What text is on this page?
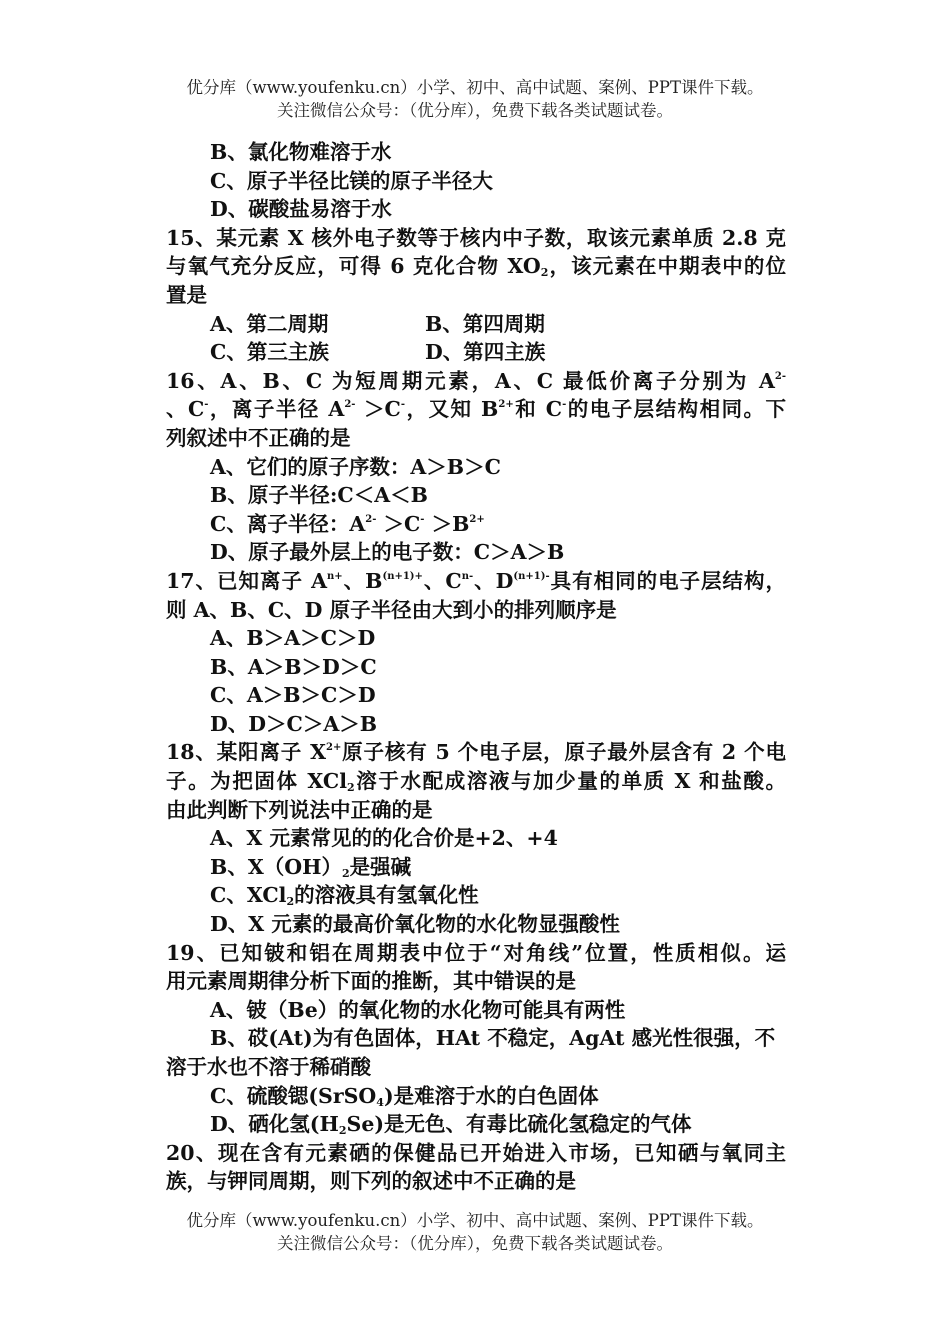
优分库（www.youfenku.cn）小学、初中、高中试题、案例、PPT课件下载。
关注微信公众号：（优分库），免费下载各类试题试卷。
B、氯化物难溶于水
C、原子半径比镁的原子半径大
D、碳酸盐易溶于水
15、某元素 X 核外电子数等于核内中子数，取该元素单质 2.8 克
与氧气充分反应，可得 6 克化合物 $XO_2$，该元素在中期表中的位
置是
A、第二周期	B、第四周期
C、第三主族	D、第四主族
16、A、B、C 为短周期元素，A、C 最低价离子分别为 $A^{2-}$
、C-，离子半径 $A^{2-} >C^-$，又知 $B^{2+}$和 C-的电子层结构相同。下
列叙述中不正确的是
A、它们的原子序数：A＞B＞C
B、原子半径:C＜A＜B
C、离子半径：$A^{2-} >C^- >B^{2+}$
D、原子最外层上的电子数：C＞A＞B
17、已知离子 $A^{n+}$、$B^{(n+1)+}$、$C^{n-}$、$D^{(n+1)-}$具有相同的电子层结构，
则 A、B、C、D 原子半径由大到小的排列顺序是
A、B＞A＞C＞D
B、A＞B＞D＞C
C、A＞B＞C＞D
D、D＞C＞A＞B
18、某阳离子 $X^{2+}$原子核有 5 个电子层，原子最外层含有 2 个电
子。为把固体 XCl$_2$溶于水配成溶液与加少量的单质 X 和盐酸。
由此判断下列说法中正确的是
A、X 元素常见的的化合价是+2、+4
B、$X(OH)_2$是强碱
C、XCl$_2$的溶液具有氢氧化性
D、X 元素的最高价氧化物的水化物显强酸性
19、已知铍和铝在周期表中位于“对角线”位置，性质相似。运
用元素周期律分析下面的推断，其中错误的是
A、铍（Be）的氧化物的水化物可能具有两性
B、砹(At)为有色固体，HAt 不稳定，AgAt 感光性很强，不
溶于水也不溶于稀硝酸
C、硫酸锶(SrSO$_4$)是难溶于水的白色固体
D、硒化氢$(H_2Se)$是无色、有毒比硫化氢稳定的气体
20、现在含有元素硒的保健品已开始进入市场，已知硒与氧同主
族，与钾同周期，则下列的叙述中不正确的是
优分库（www.youfenku.cn）小学、初中、高中试题、案例、PPT课件下载。
关注微信公众号：（优分库），免费下载各类试题试卷。
